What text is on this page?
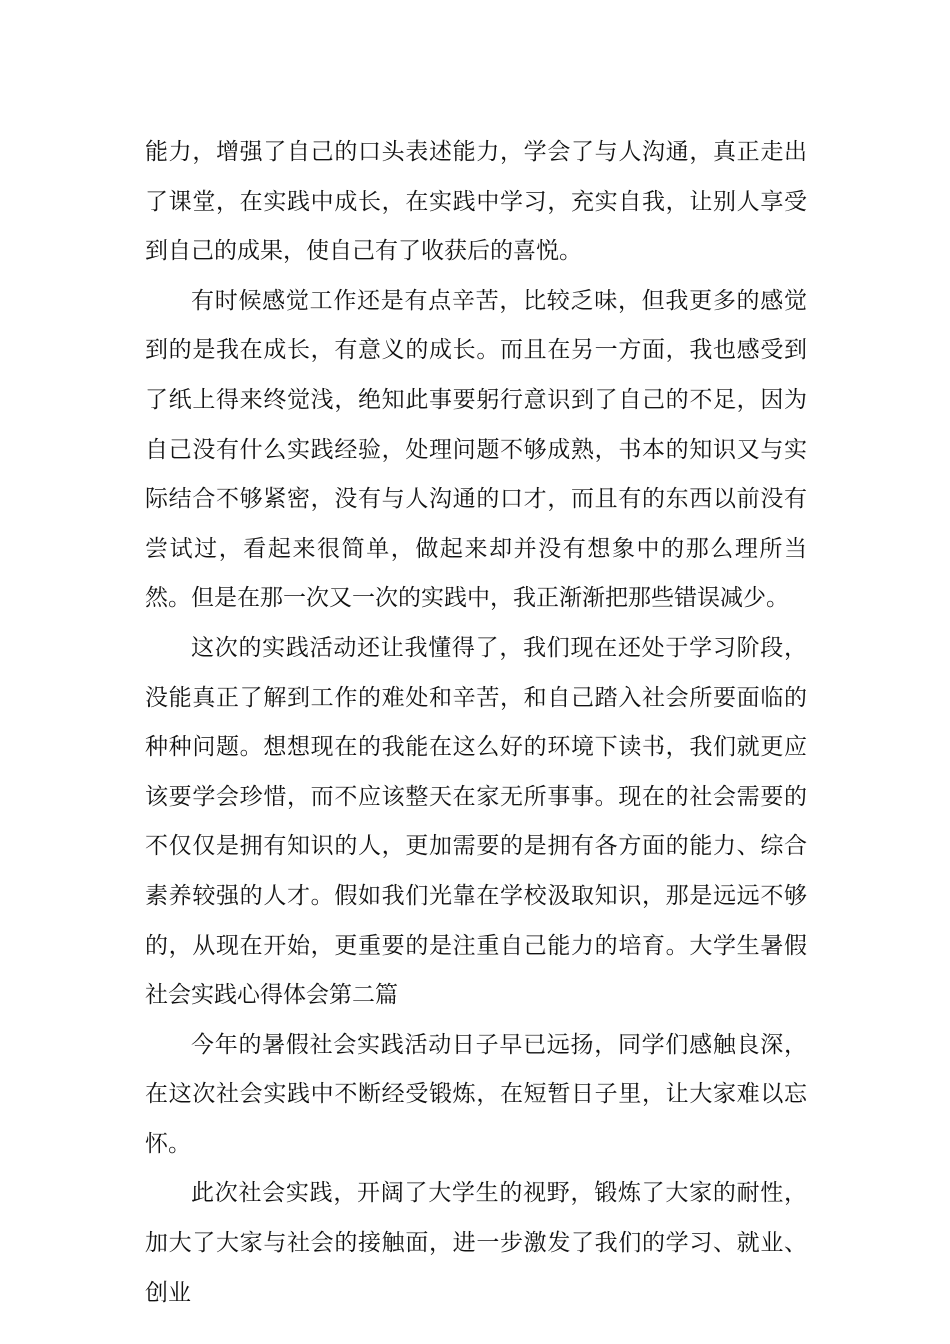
能力，增强了自己的口头表述能力，学会了与人沟通，真正走出了课堂，在实践中成长，在实践中学习，充实自我，让别人享受到自己的成果，使自己有了收获后的喜悦。

有时候感觉工作还是有点辛苦，比较乏味，但我更多的感觉到的是我在成长，有意义的成长。而且在另一方面，我也感受到了纸上得来终觉浅，绝知此事要躬行意识到了自己的不足，因为自己没有什么实践经验，处理问题不够成熟，书本的知识又与实际结合不够紧密，没有与人沟通的口才，而且有的东西以前没有尝试过，看起来很简单，做起来却并没有想象中的那么理所当然。但是在那一次又一次的实践中，我正渐渐把那些错误减少。

这次的实践活动还让我懂得了，我们现在还处于学习阶段，没能真正了解到工作的难处和辛苦，和自己踏入社会所要面临的种种问题。想想现在的我能在这么好的环境下读书，我们就更应该要学会珍惜，而不应该整天在家无所事事。现在的社会需要的不仅仅是拥有知识的人，更加需要的是拥有各方面的能力、综合素养较强的人才。假如我们光靠在学校汲取知识，那是远远不够的，从现在开始，更重要的是注重自己能力的培育。大学生暑假社会实践心得体会第二篇

今年的暑假社会实践活动日子早已远扬，同学们感触良深，在这次社会实践中不断经受锻炼，在短暂日子里，让大家难以忘怀。

此次社会实践，开阔了大学生的视野，锻炼了大家的耐性，加大了大家与社会的接触面，进一步激发了我们的学习、就业、创业
